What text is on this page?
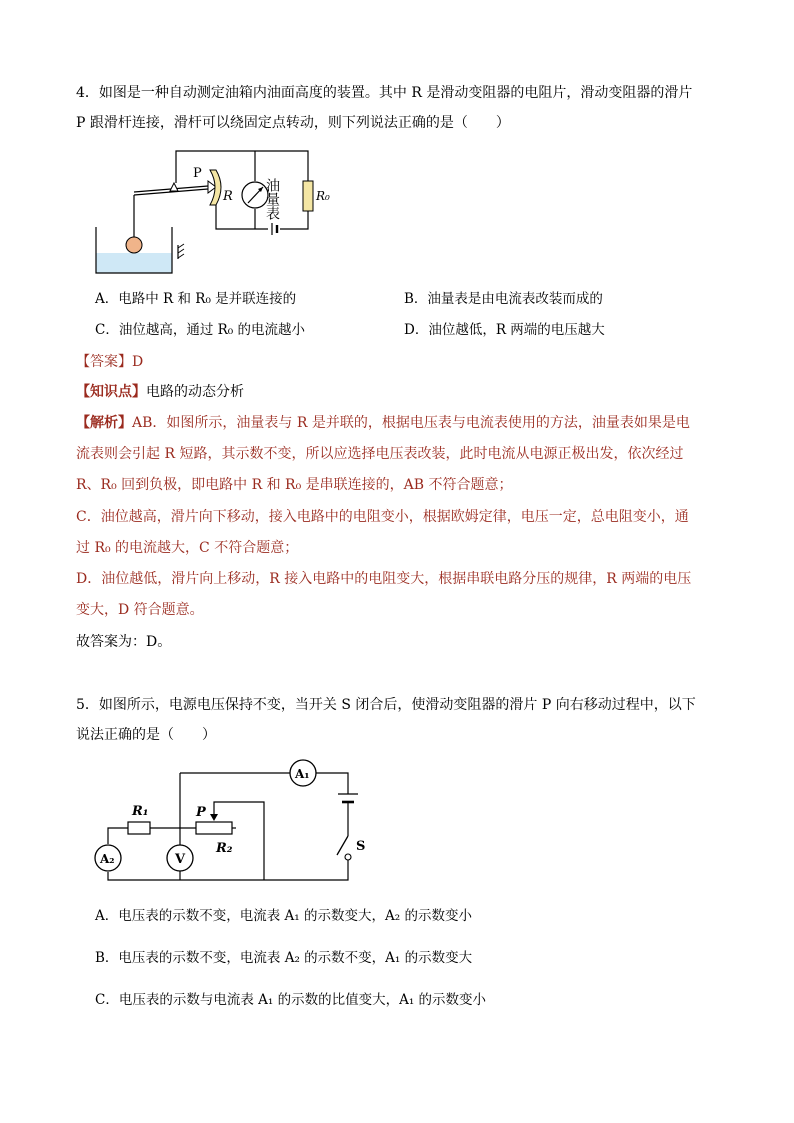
4．如图是一种自动测定油箱内油面高度的装置。其中 R 是滑动变阻器的电阻片，滑动变阻器的滑片
P 跟滑杆连接，滑杆可以绕固定点转动，则下列说法正确的是（　　）
P
R 油量表	R₀
A．电路中 R 和 R₀ 是并联连接的	B．油量表是由电流表改装而成的
C．油位越高，通过 R₀ 的电流越小	D．油位越低，R 两端的电压越大
【答案】D
【知识点】电路的动态分析
【解析】AB．如图所示，油量表与 R 是并联的，根据电压表与电流表使用的方法，油量表如果是电
流表则会引起 R 短路，其示数不变，所以应选择电压表改装，此时电流从电源正极出发，依次经过
R、R₀ 回到负极，即电路中 R 和 R₀ 是串联连接的，AB 不符合题意；
C．油位越高，滑片向下移动，接入电路中的电阻变小，根据欧姆定律，电压一定，总电阻变小，通
过 R₀ 的电流越大，C 不符合题意；
D．油位越低，滑片向上移动，R 接入电路中的电阻变大，根据串联电路分压的规律，R 两端的电压
变大，D 符合题意。
故答案为：D。
5．如图所示，电源电压保持不变，当开关 S 闭合后，使滑动变阻器的滑片 P 向右移动过程中，以下
说法正确的是（　　）
A₁
S
R₁	P
R₂
A₂	V
A．电压表的示数不变，电流表 A₁ 的示数变大，A₂ 的示数变小
B．电压表的示数不变，电流表 A₂ 的示数不变，A₁ 的示数变大
C．电压表的示数与电流表 A₁ 的示数的比值变大，A₁ 的示数变小
